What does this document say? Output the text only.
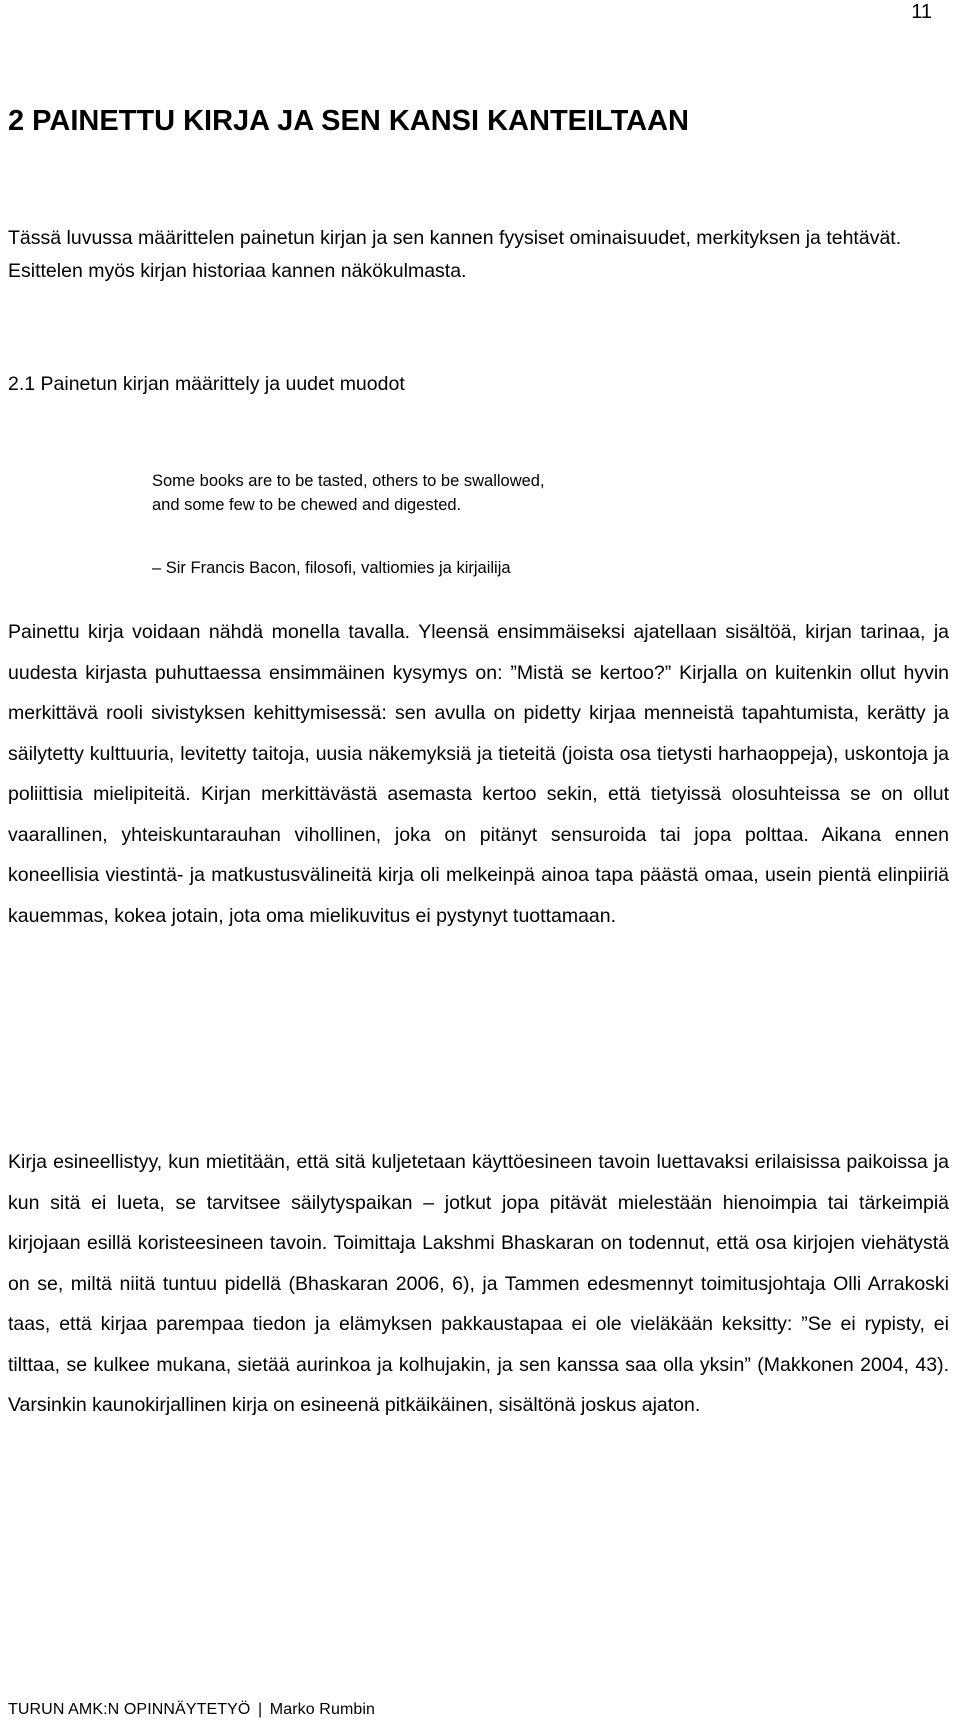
11
2 PAINETTU KIRJA JA SEN KANSI KANTEILTAAN

Tässä luvussa määrittelen painetun kirjan ja sen kannen fyysiset ominaisuudet, merkityksen ja tehtävät. Esittelen myös kirjan historiaa kannen näkökulmasta.

2.1 Painetun kirjan määrittely ja uudet muodot
Some books are to be tasted, others to be swallowed,
and some few to be chewed and digested.
– Sir Francis Bacon, filosofi, valtiomies ja kirjailija

Painettu kirja voidaan nähdä monella tavalla. Yleensä ensimmäiseksi ajatellaan sisältöä, kirjan tarinaa, ja uudesta kirjasta puhuttaessa ensimmäinen kysymys on: ”Mistä se kertoo?” Kirjalla on kuitenkin ollut hyvin merkittävä rooli sivistyksen kehittymisessä: sen avulla on pidetty kirjaa menneistä tapahtumista, kerätty ja säilytetty kulttuuria, levitetty taitoja, uusia näkemyksiä ja tieteitä (joista osa tietysti harhaoppeja), uskontoja ja poliittisia mielipiteitä. Kirjan merkittävästä asemasta kertoo sekin, että tietyissä olosuhteissa se on ollut vaarallinen, yhteiskuntarauhan vihollinen, joka on pitänyt sensuroida tai jopa polttaa. Aikana ennen koneellisia viestintä- ja matkustusvälineitä kirja oli melkeinpä ainoa tapa päästä omaa, usein pientä elinpiiriä kauemmas, kokea jotain, jota oma mielikuvitus ei pystynyt tuottamaan.

Kirja esineellistyy, kun mietitään, että sitä kuljetetaan käyttöesineen tavoin luettavaksi erilaisissa paikoissa ja kun sitä ei lueta, se tarvitsee säilytyspaikan – jotkut jopa pitävät mielestään hienoimpia tai tärkeimpiä kirjojaan esillä koristeesineen tavoin. Toimittaja Lakshmi Bhaskaran on todennut, että osa kirjojen viehätystä on se, miltä niitä tuntuu pidellä (Bhaskaran 2006, 6), ja Tammen edesmennyt toimitusjohtaja Olli Arrakoski taas, että kirjaa parempaa tiedon ja elämyksen pakkaustapaa ei ole vieläkään keksitty: ”Se ei rypisty, ei tilttaa, se kulkee mukana, sietää aurinkoa ja kolhujakin, ja sen kanssa saa olla yksin” (Makkonen 2004, 43). Varsinkin kaunokirjallinen kirja on esineenä pitkäikäinen, sisältönä joskus ajaton.

TURUN AMK:N OPINNÄYTETYÖ | Marko Rumbin
